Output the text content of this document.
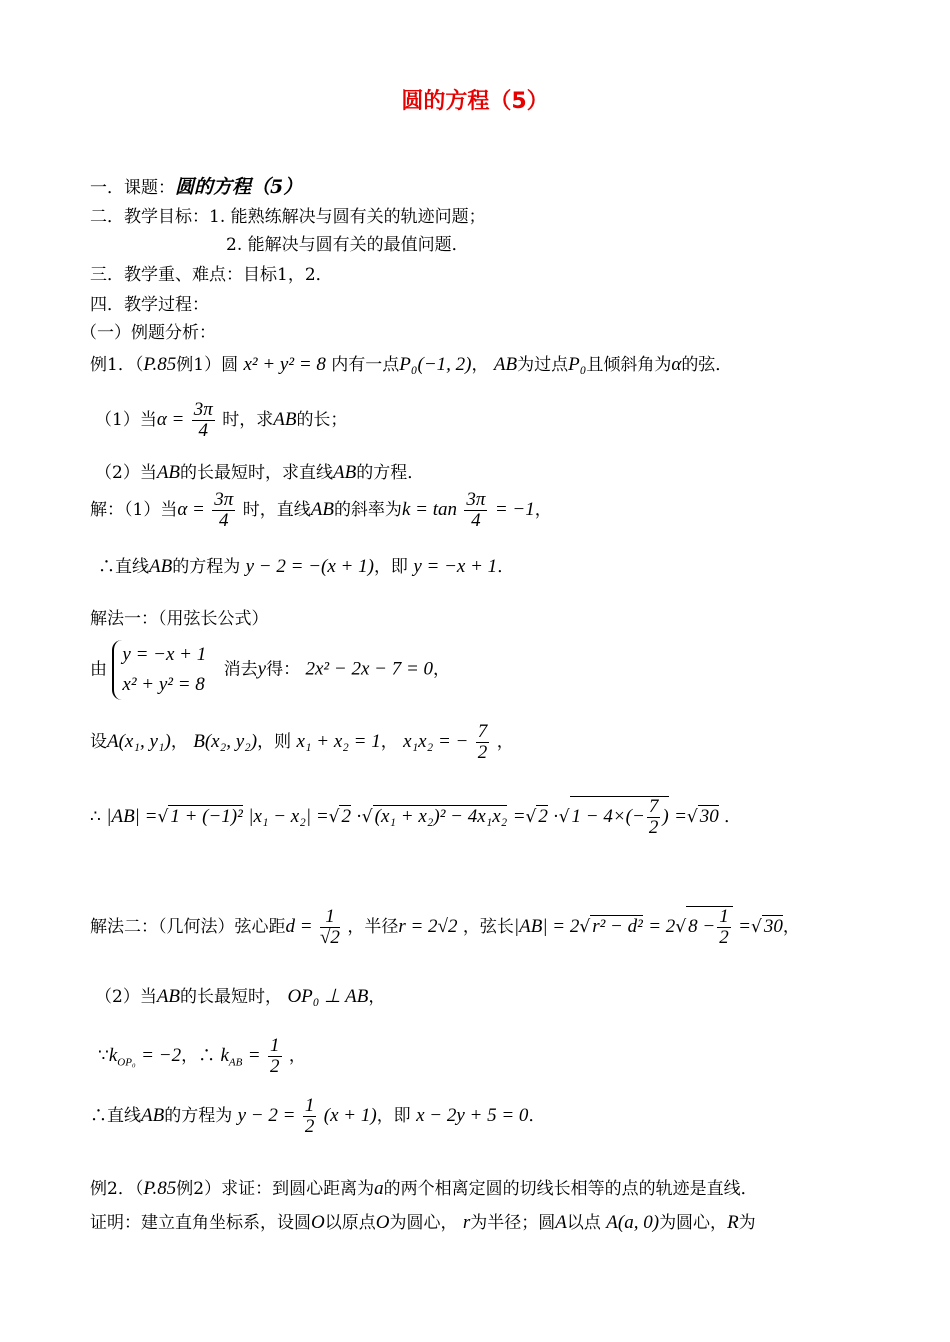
圆的方程（5）
一．课题：圆的方程（5）
二．教学目标：1. 能熟练解决与圆有关的轨迹问题；
2. 能解决与圆有关的最值问题．
三．教学重、难点：目标1，2．
四．教学过程：
（一）例题分析：
例1．（P.85例1）圆 x² + y² = 8 内有一点P₀(−1, 2)， AB为过点P₀且倾斜角为α的弦．
（1）当$\alpha = \frac{3\pi}{4}$ 时，求AB的长；
（2）当AB的长最短时，求直线AB的方程．
解：（1）当$\alpha = \frac{3\pi}{4}$ 时，直线AB的斜率为$k = \tan \frac{3\pi}{4} = -1$，
∴直线AB的方程为 y − 2 = −(x + 1)，即 y = −x + 1．
解法一：（用弦长公式）
由
y = −x + 1
x² + y² = 8
消去y得： 2x² − 2x − 7 = 0，
设A(x₁, y₁)， B(x₂, y₂)，则 x₁ + x₂ = 1， x₁x₂ = − $\frac{7}{2}$ ，
∴ |AB| =√ 1 + (−1)² |x₁ − x₂| =√ 2 ·√ (x₁ + x₂)² − 4x₁x₂ =√ 2 ·√ $1 - 4\times(- \frac{7}{2}$ ) =√ 30 ．
解法二：（几何法）弦心距$d = \frac{1}{√2}$ ，半径r = 2√2 ，弦长|AB| = 2√ r² − d² = 2√ $8 - \frac{1}{2}$ =√ 30，
（2）当AB的长最短时， OP₀ ⊥ AB，
$\because k_{OP_0} = -2$，∴ $k_{AB} = \frac{1}{2}$ ，
∴直线AB的方程为 $y - 2 = \frac{1}{2} (x + 1)$，即 x − 2y + 5 = 0．
例2．（P.85例2）求证：到圆心距离为a的两个相离定圆的切线长相等的点的轨迹是直线．
证明：建立直角坐标系，设圆O以原点O为圆心， r为半径；圆A以点 A(a, 0)为圆心，R为
